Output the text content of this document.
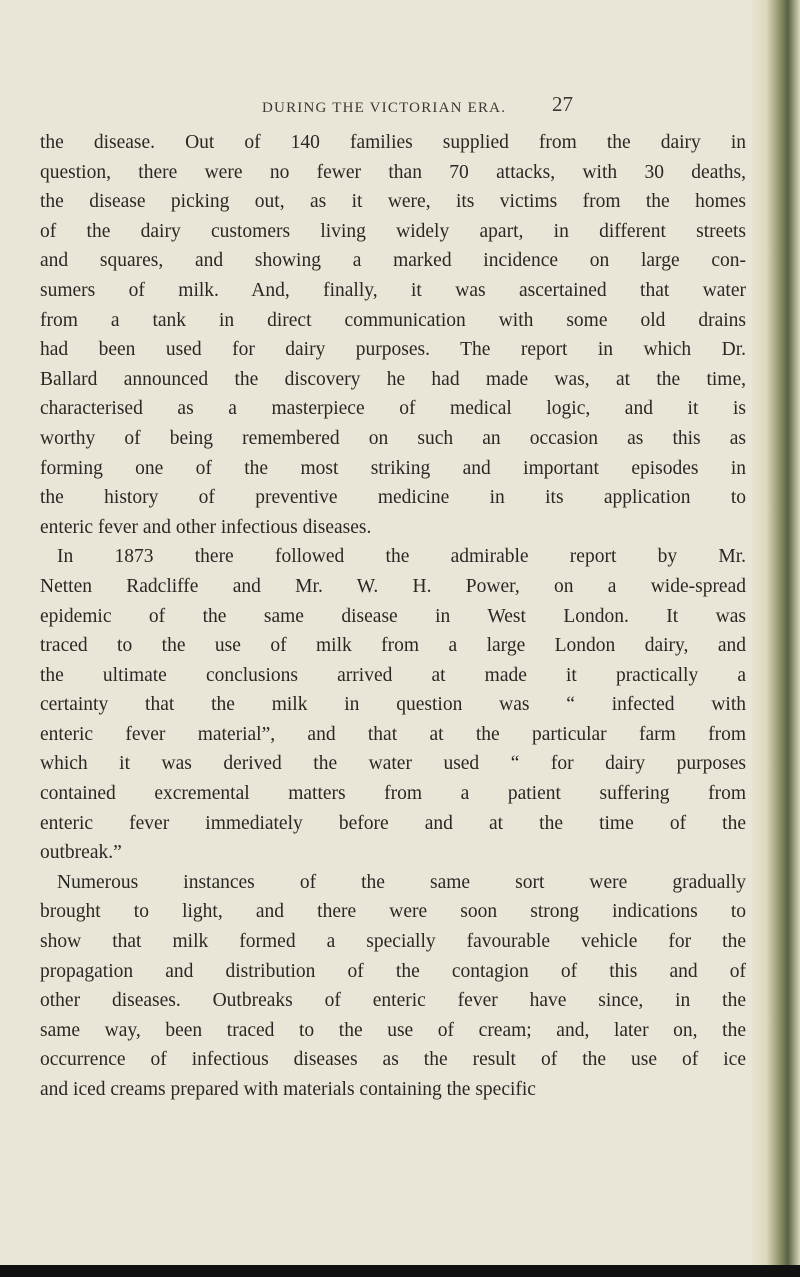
DURING THE VICTORIAN ERA. 27
the disease. Out of 140 families supplied from the dairy in
question, there were no fewer than 70 attacks, with 30 deaths,
the disease picking out, as it were, its victims from the homes
of the dairy customers living widely apart, in different streets
and squares, and showing a marked incidence on large con-
sumers of milk. And, finally, it was ascertained that water
from a tank in direct communication with some old drains
had been used for dairy purposes. The report in which Dr.
Ballard announced the discovery he had made was, at the time,
characterised as a masterpiece of medical logic, and it is
worthy of being remembered on such an occasion as this as
forming one of the most striking and important episodes in
the history of preventive medicine in its application to
enteric fever and other infectious diseases.
In 1873 there followed the admirable report by Mr.
Netten Radcliffe and Mr. W. H. Power, on a wide-spread
epidemic of the same disease in West London. It was
traced to the use of milk from a large London dairy, and
the ultimate conclusions arrived at made it practically a
certainty that the milk in question was “ infected with
enteric fever material”, and that at the particular farm from
which it was derived the water used “ for dairy purposes
contained excremental matters from a patient suffering from
enteric fever immediately before and at the time of the
outbreak.”
Numerous instances of the same sort were gradually
brought to light, and there were soon strong indications to
show that milk formed a specially favourable vehicle for the
propagation and distribution of the contagion of this and of
other diseases. Outbreaks of enteric fever have since, in the
same way, been traced to the use of cream; and, later on, the
occurrence of infectious diseases as the result of the use of ice
and iced creams prepared with materials containing the specific
